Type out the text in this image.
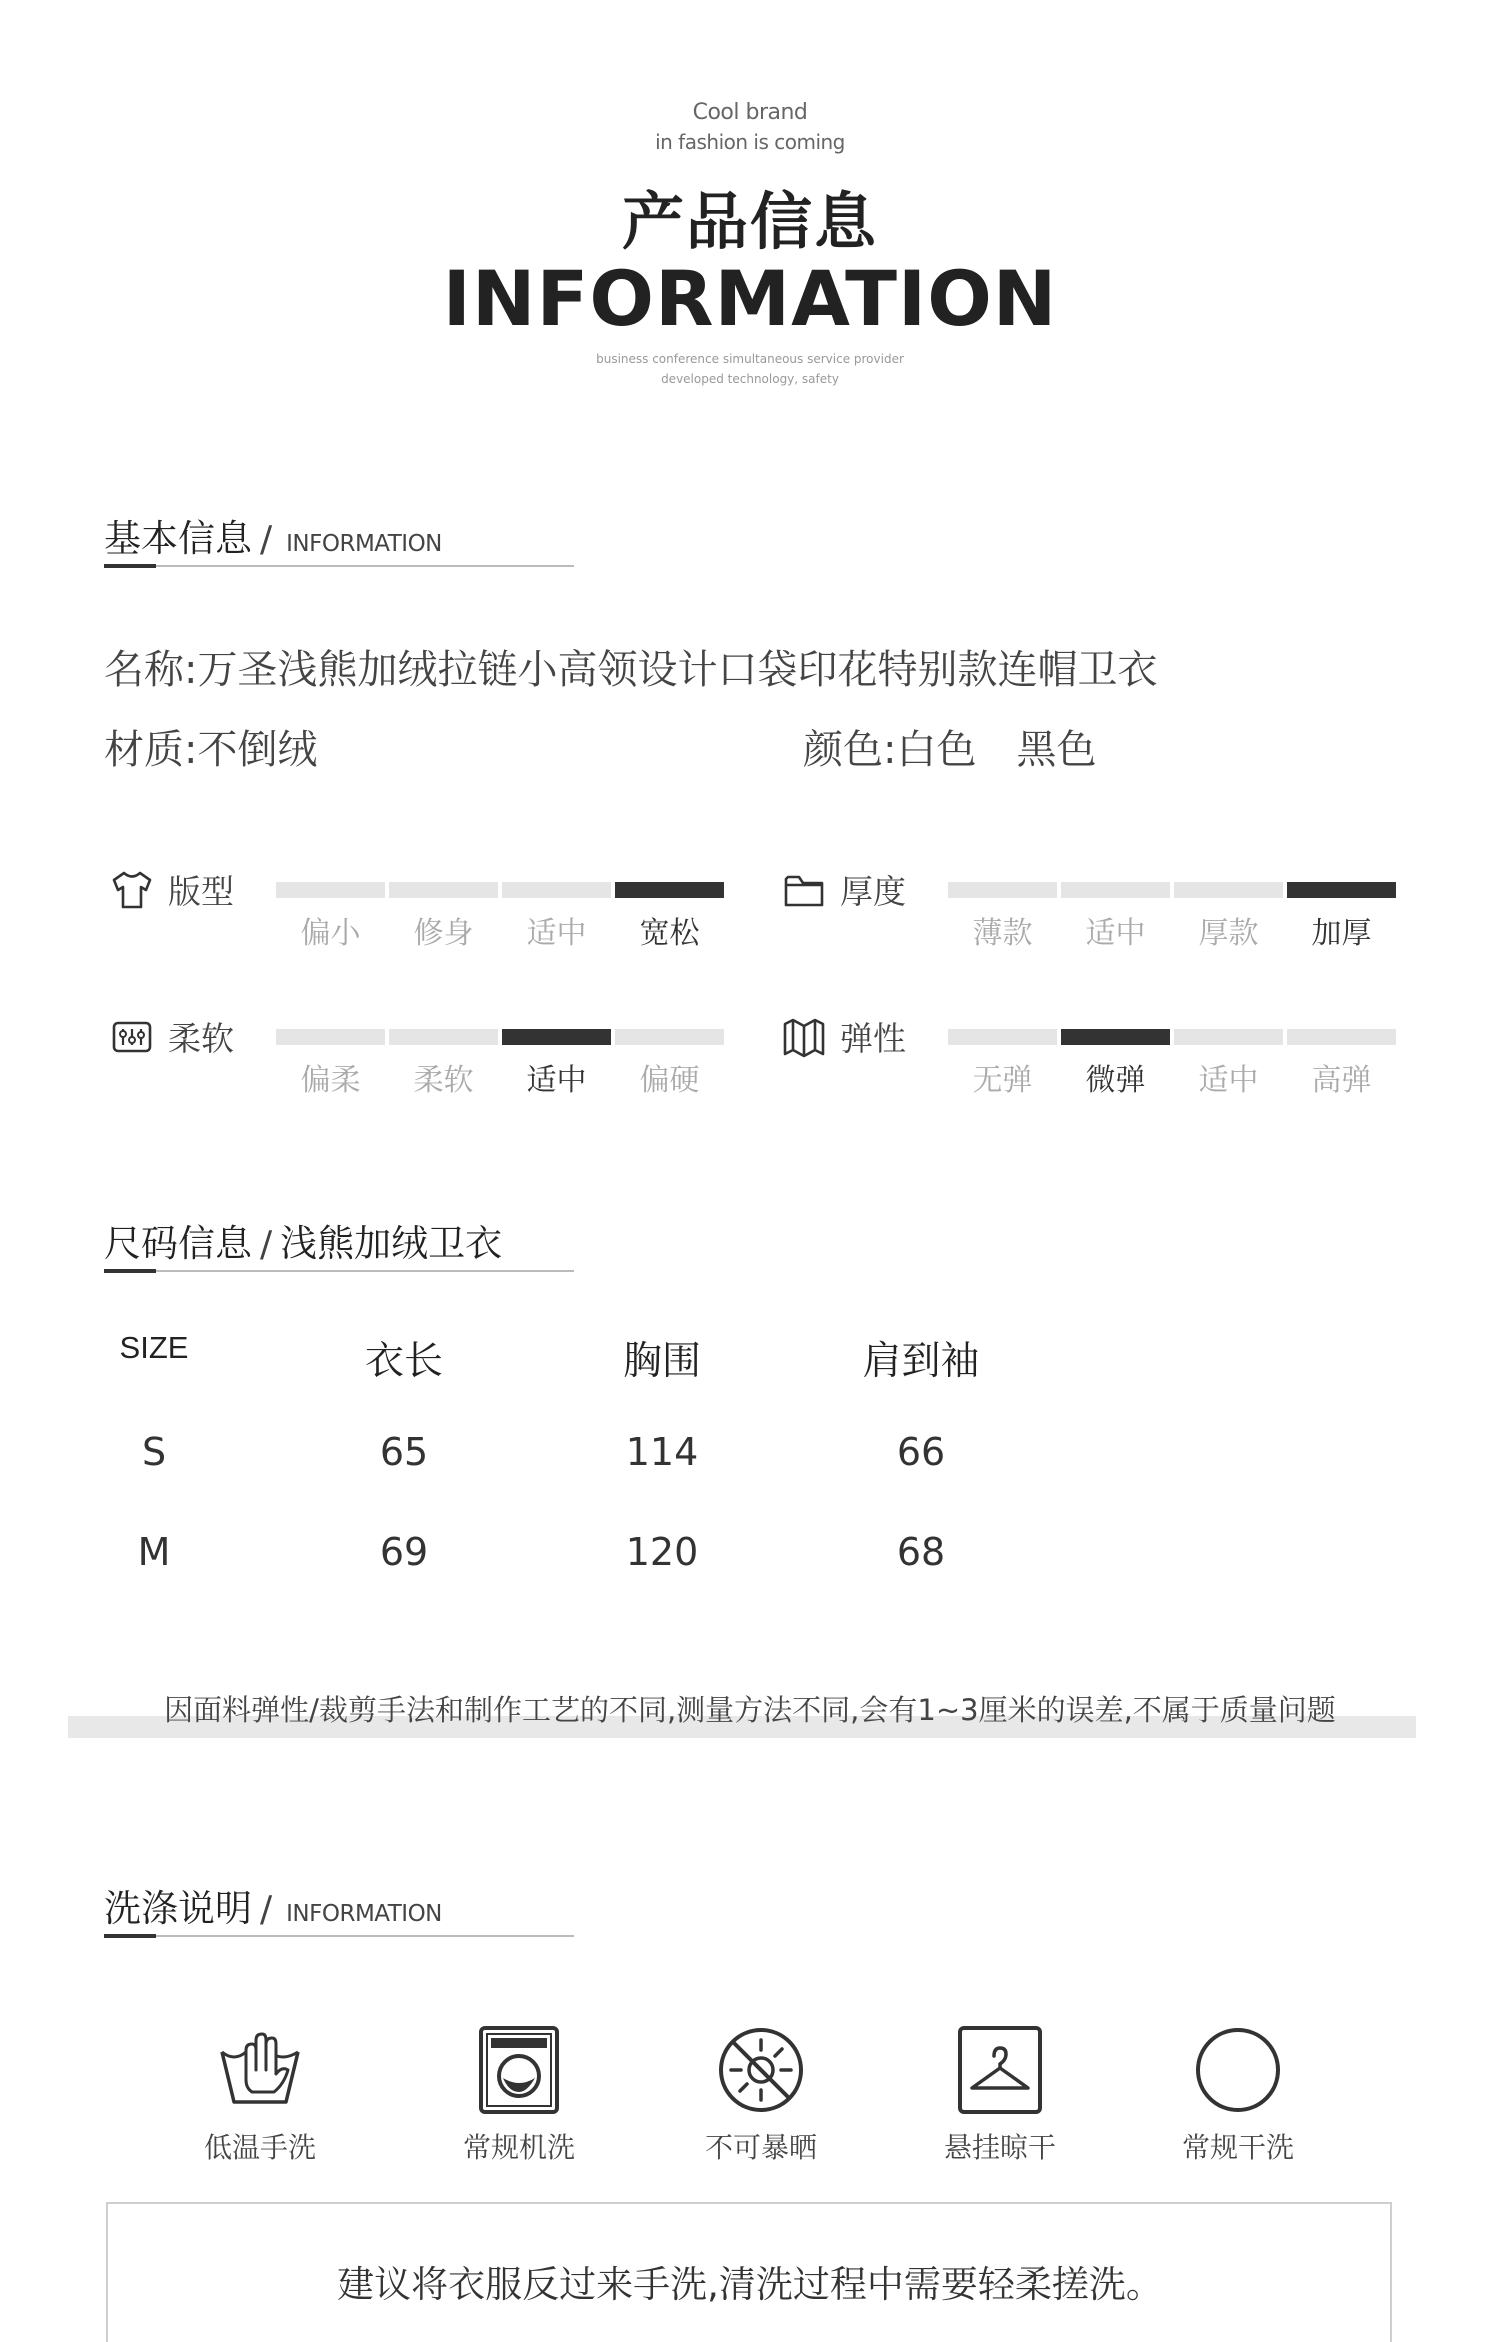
Cool brand
in fashion is coming
产品信息
INFORMATION
business conference simultaneous service provider
developed technology, safety
基本信息 / INFORMATION
名称:万圣浅熊加绒拉链小高领设计口袋印花特别款连帽卫衣
材质:不倒绒	颜色:白色 黑色
版型
偏小	修身	适中	宽松
厚度
薄款	适中	厚款	加厚
柔软
偏柔	柔软	适中	偏硬
弹性
无弹	微弹	适中	高弹
尺码信息 / 浅熊加绒卫衣
SIZE	衣长	胸围	肩到袖
S	65	114	66
M	69	120	68
因面料弹性/裁剪手法和制作工艺的不同,测量方法不同,会有1~3厘米的误差,不属于质量问题
洗涤说明 / INFORMATION
低温手洗	常规机洗	不可暴晒	悬挂晾干	常规干洗
建议将衣服反过来手洗,清洗过程中需要轻柔搓洗。
